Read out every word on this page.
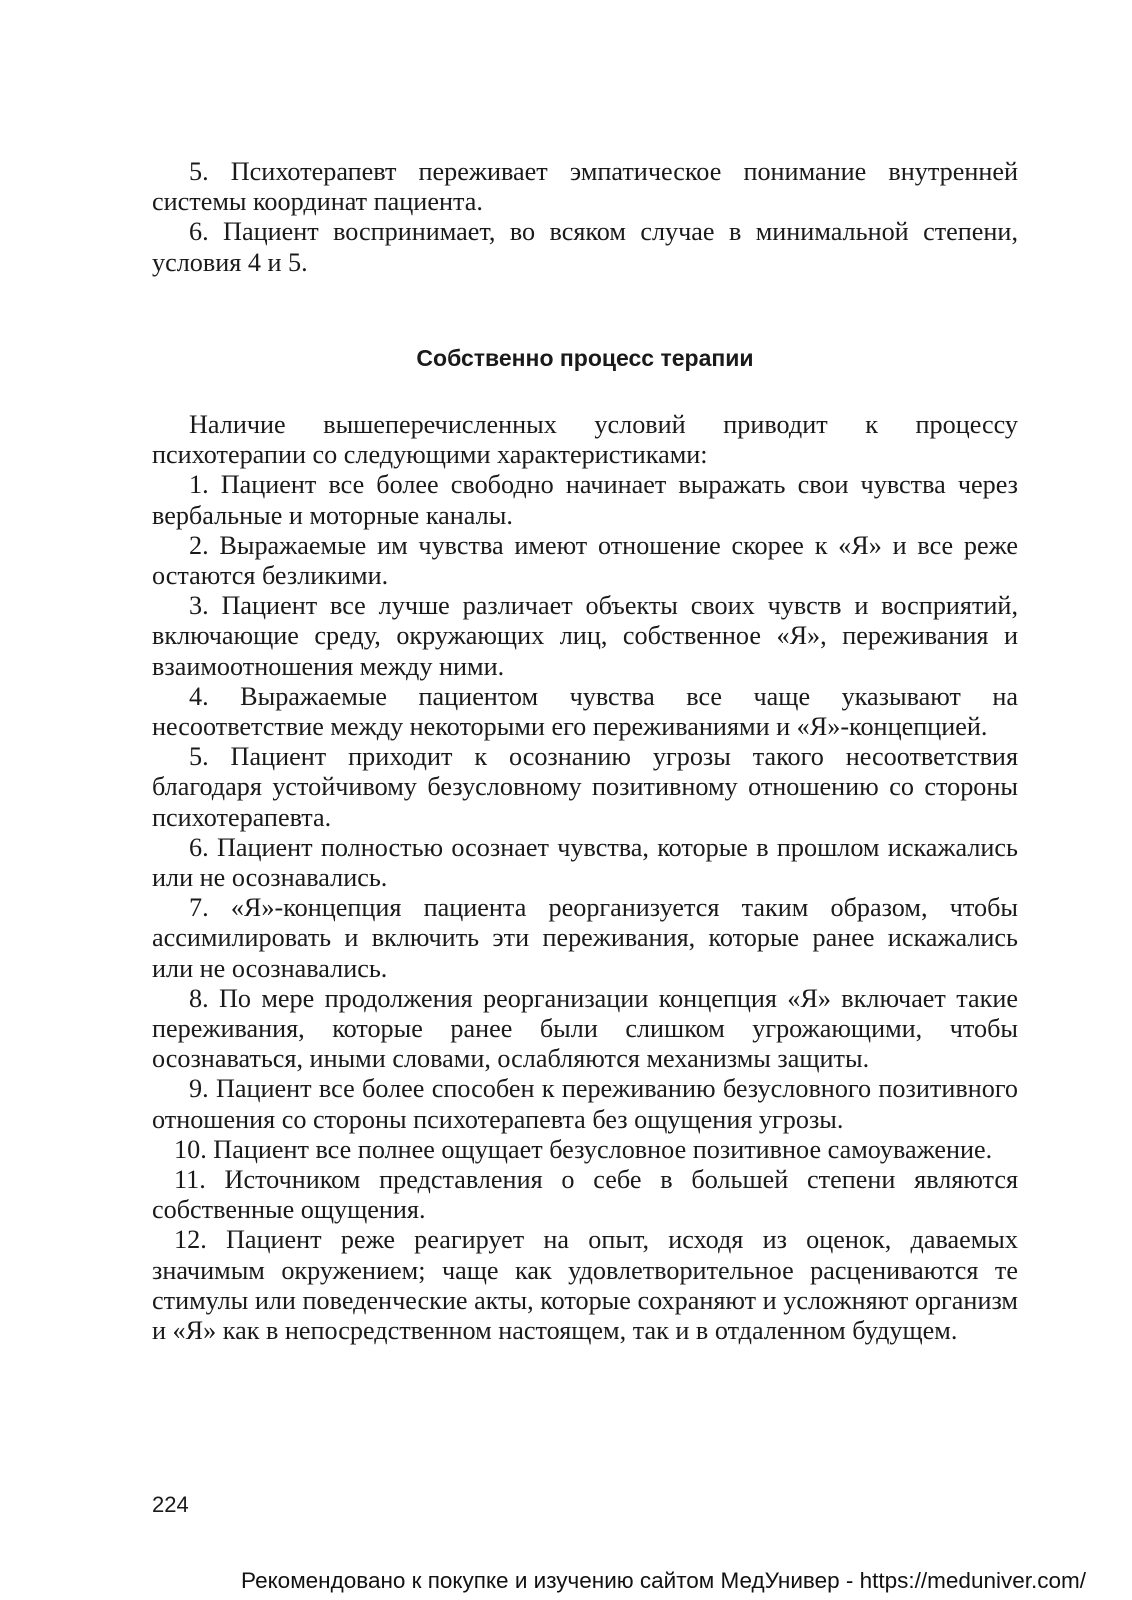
5. Психотерапевт переживает эмпатическое понимание внутренней системы координат пациента.

6. Пациент воспринимает, во всяком случае в минимальной степени, условия 4 и 5.

Собственно процесс терапии

Наличие вышеперечисленных условий приводит к процессу психотерапии со следующими характеристиками:

1. Пациент все более свободно начинает выражать свои чувства через вербальные и моторные каналы.

2. Выражаемые им чувства имеют отношение скорее к «Я» и все реже остаются безликими.

3. Пациент все лучше различает объекты своих чувств и восприятий, включающие среду, окружающих лиц, собственное «Я», переживания и взаимоотношения между ними.

4. Выражаемые пациентом чувства все чаще указывают на несоответствие между некоторыми его переживаниями и «Я»-концепцией.

5. Пациент приходит к осознанию угрозы такого несоответствия благодаря устойчивому безусловному позитивному отношению со стороны психотерапевта.

6. Пациент полностью осознает чувства, которые в прошлом искажались или не осознавались.

7. «Я»-концепция пациента реорганизуется таким образом, чтобы ассимилировать и включить эти переживания, которые ранее искажались или не осознавались.

8. По мере продолжения реорганизации концепция «Я» включает такие переживания, которые ранее были слишком угрожающими, чтобы осознаваться, иными словами, ослабляются механизмы защиты.

9. Пациент все более способен к переживанию безусловного позитивного отношения со стороны психотерапевта без ощущения угрозы.

10. Пациент все полнее ощущает безусловное позитивное самоуважение.

11. Источником представления о себе в большей степени являются собственные ощущения.

12. Пациент реже реагирует на опыт, исходя из оценок, даваемых значимым окружением; чаще как удовлетворительное расцениваются те стимулы или поведенческие акты, которые сохраняют и усложняют организм и «Я» как в непосредственном настоящем, так и в отдаленном будущем.

224
Рекомендовано к покупке и изучению сайтом МедУнивер - https://meduniver.com/
